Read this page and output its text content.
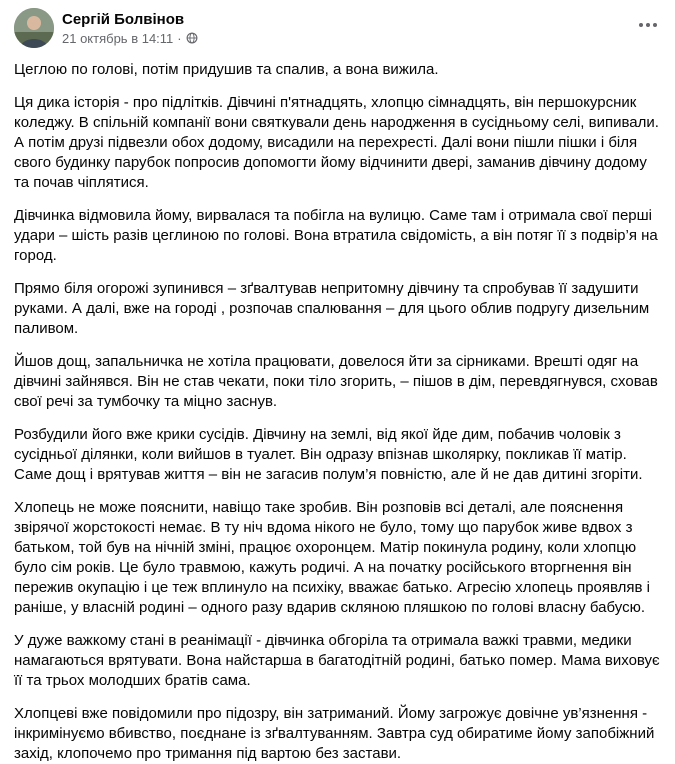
Сергій Болвінов
21 октябрь в 14:11 ·

Цеглою по голові, потім придушив та спалив, а вона вижила.

Ця дика історія - про підлітків. Дівчині п'ятнадцять, хлопцю сімнадцять, він першокурсник коледжу. В спільній компанії вони святкували день народження в сусідньому селі, випивали. А потім друзі підвезли обох додому, висадили на перехресті. Далі вони пішли пішки і біля свого будинку парубок попросив допомогти йому відчинити двері, заманив дівчину додому та почав чіплятися.

Дівчинка відмовила йому, вирвалася та побігла на вулицю. Саме там і отримала свої перші удари – шість разів цеглиною по голові. Вона втратила свідомість, а він потяг її з подвір’я на город.

Прямо біля огорожі зупинився – зґвалтував непритомну дівчину та спробував її задушити руками. А далі, вже на городі , розпочав спалювання – для цього облив подругу дизельним паливом.

Йшов дощ, запальничка не хотіла працювати, довелося йти за сірниками. Врешті одяг на дівчині зайнявся. Він не став чекати, поки тіло згорить, – пішов в дім, перевдягнувся, сховав свої речі за тумбочку та міцно заснув.

Розбудили його вже крики сусідів. Дівчину на землі, від якої йде дим, побачив чоловік з сусідньої ділянки, коли вийшов в туалет. Він одразу впізнав школярку, покликав її матір. Саме дощ і врятував життя – він не загасив полум’я повністю, але й не дав дитині згоріти.

Хлопець не може пояснити, навіщо таке зробив. Він розповів всі деталі, але пояснення звірячої жорстокості немає. В ту ніч вдома нікого не було, тому що парубок живе вдвох з батьком, той був на нічній зміні, працює охоронцем. Матір покинула родину, коли хлопцю було сім років. Це було травмою, кажуть родичі. А на початку російського вторгнення він пережив окупацію і це теж вплинуло на психіку, вважає батько. Агресію хлопець проявляв і раніше, у власній родині – одного разу вдарив скляною пляшкою по голові власну бабусю.

У дуже важкому стані в реанімації - дівчинка обгоріла та отримала важкі травми, медики намагаються врятувати. Вона найстарша в багатодітній родині, батько помер. Мама виховує її та трьох молодших братів сама.

Хлопцеві вже повідомили про підозру, він затриманий. Йому загрожує довічне ув’язнення - інкримінуємо вбивство, поєднане із зґвалтуванням. Завтра суд обиратиме йому запобіжний захід, клопочемо про тримання під вартою без застави.
